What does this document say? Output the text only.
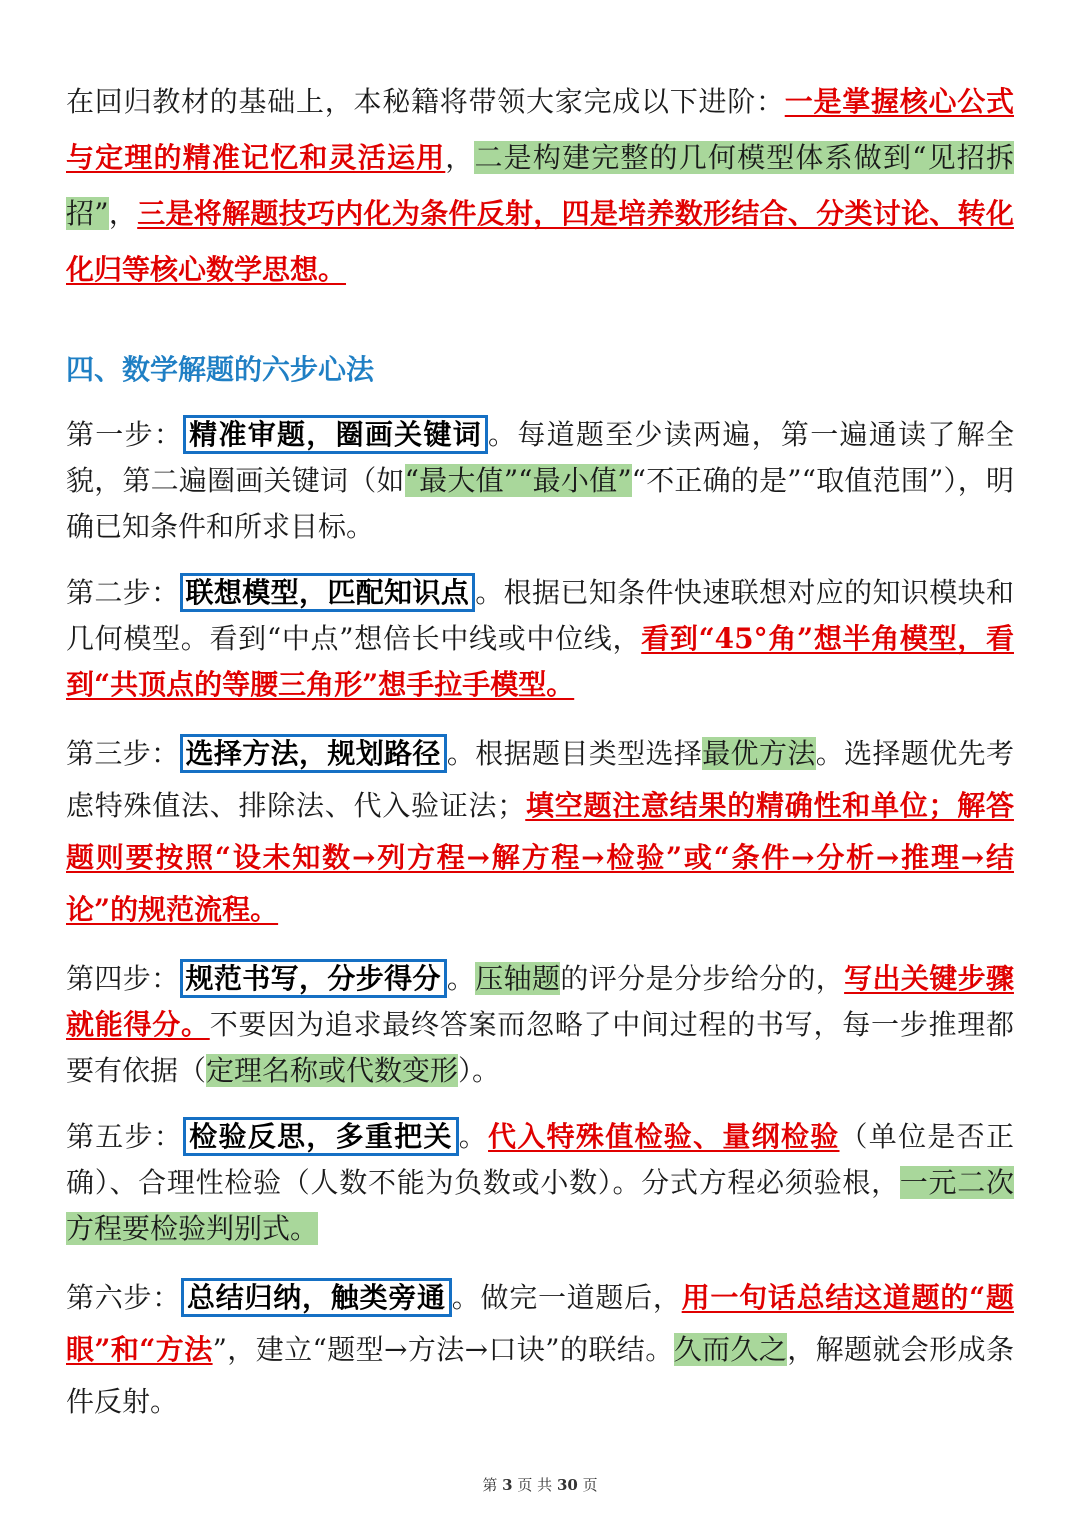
在回归教材的基础上，本秘籍将带领大家完成以下进阶：一是掌握核心公式与定理的精准记忆和灵活运用，二是构建完整的几何模型体系做到“见招拆招”，三是将解题技巧内化为条件反射，四是培养数形结合、分类讨论、转化化归等核心数学思想。

四、数学解题的六步心法

第一步： 精准审题，圈画关键词 。每道题至少读两遍，第一遍通读了解全貌，第二遍圈画关键词（如“最大值”“最小值”“不正确的是”“取值范围”），明确已知条件和所求目标。

第二步： 联想模型，匹配知识点 。根据已知条件快速联想对应的知识模块和几何模型。看到“中点”想倍长中线或中位线，看到“45°角”想半角模型，看到“共顶点的等腰三角形”想手拉手模型。

第三步： 选择方法，规划路径 。根据题目类型选择最优方法。选择题优先考虑特殊值法、排除法、代入验证法；填空题注意结果的精确性和单位；解答题则要按照“设未知数→列方程→解方程→检验”或“条件→分析→推理→结论”的规范流程。

第四步： 规范书写，分步得分 。压轴题的评分是分步给分的，写出关键步骤就能得分。不要因为追求最终答案而忽略了中间过程的书写，每一步推理都要有依据（定理名称或代数变形）。

第五步： 检验反思，多重把关 。代入特殊值检验、量纲检验（单位是否正确）、合理性检验（人数不能为负数或小数）。分式方程必须验根，一元二次方程要检验判别式。

第六步： 总结归纳，触类旁通 。做完一道题后，用一句话总结这道题的“题眼”和“方法”，建立“题型→方法→口诀”的联结。久而久之，解题就会形成条件反射。

第 3 页 共 30 页
